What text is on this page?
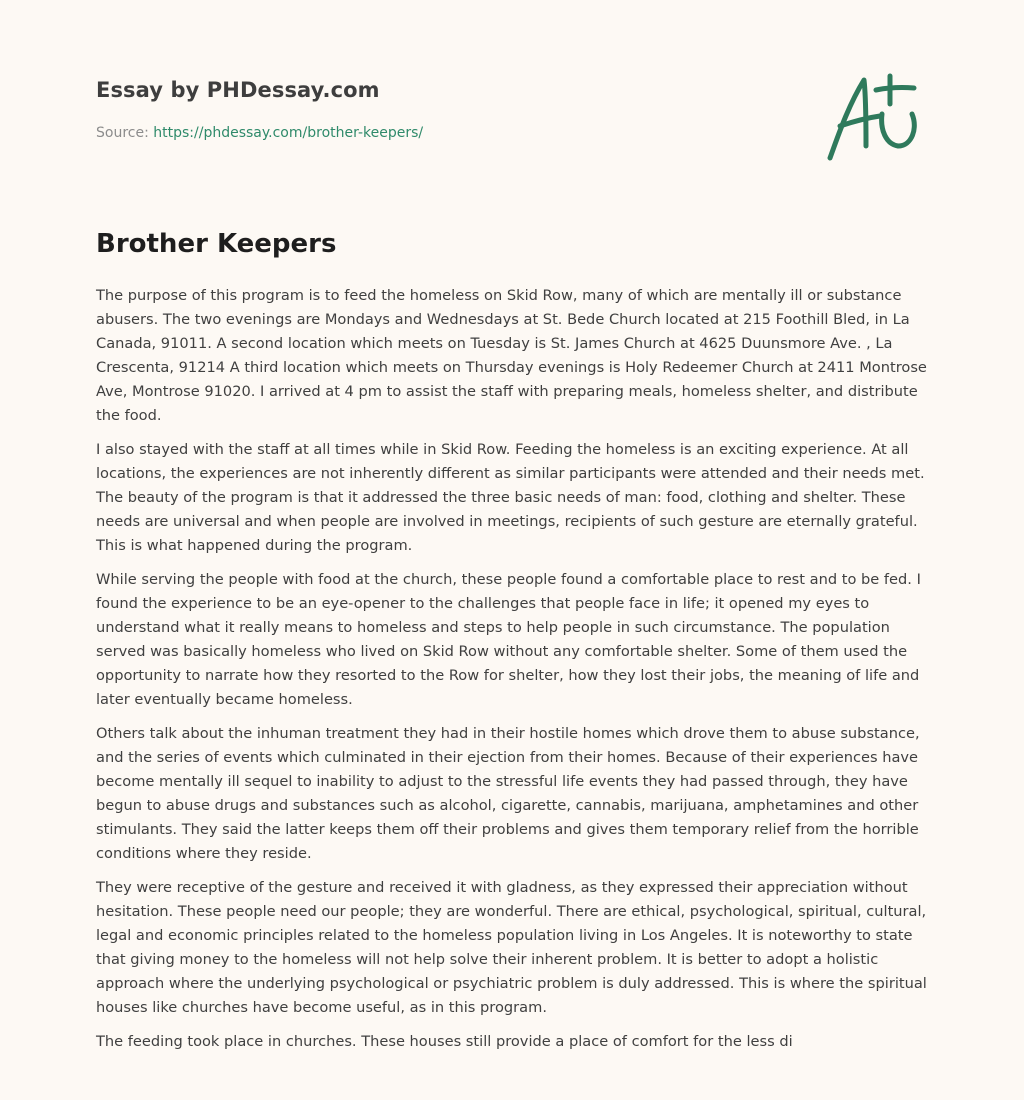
Essay by PHDessay.com
Source: https://phdessay.com/brother-keepers/
Brother Keepers

The purpose of this program is to feed the homeless on Skid Row, many of which are mentally ill or substance abusers. The two evenings are Mondays and Wednesdays at St. Bede Church located at 215 Foothill Bled, in La Canada, 91011. A second location which meets on Tuesday is St. James Church at 4625 Duunsmore Ave. , La Crescenta, 91214 A third location which meets on Thursday evenings is Holy Redeemer Church at 2411 Montrose Ave, Montrose 91020. I arrived at 4 pm to assist the staff with preparing meals, homeless shelter, and distribute the food.

I also stayed with the staff at all times while in Skid Row. Feeding the homeless is an exciting experience. At all locations, the experiences are not inherently different as similar participants were attended and their needs met. The beauty of the program is that it addressed the three basic needs of man: food, clothing and shelter. These needs are universal and when people are involved in meetings, recipients of such gesture are eternally grateful. This is what happened during the program.

While serving the people with food at the church, these people found a comfortable place to rest and to be fed. I found the experience to be an eye-opener to the challenges that people face in life; it opened my eyes to understand what it really means to homeless and steps to help people in such circumstance. The population served was basically homeless who lived on Skid Row without any comfortable shelter. Some of them used the opportunity to narrate how they resorted to the Row for shelter, how they lost their jobs, the meaning of life and later eventually became homeless.

Others talk about the inhuman treatment they had in their hostile homes which drove them to abuse substance, and the series of events which culminated in their ejection from their homes. Because of their experiences have become mentally ill sequel to inability to adjust to the stressful life events they had passed through, they have begun to abuse drugs and substances such as alcohol, cigarette, cannabis, marijuana, amphetamines and other stimulants. They said the latter keeps them off their problems and gives them temporary relief from the horrible conditions where they reside.

They were receptive of the gesture and received it with gladness, as they expressed their appreciation without hesitation. These people need our people; they are wonderful. There are ethical, psychological, spiritual, cultural, legal and economic principles related to the homeless population living in Los Angeles. It is noteworthy to state that giving money to the homeless will not help solve their inherent problem. It is better to adopt a holistic approach where the underlying psychological or psychiatric problem is duly addressed. This is where the spiritual houses like churches have become useful, as in this program.

The feeding took place in churches. These houses still provide a place of comfort for the less di
